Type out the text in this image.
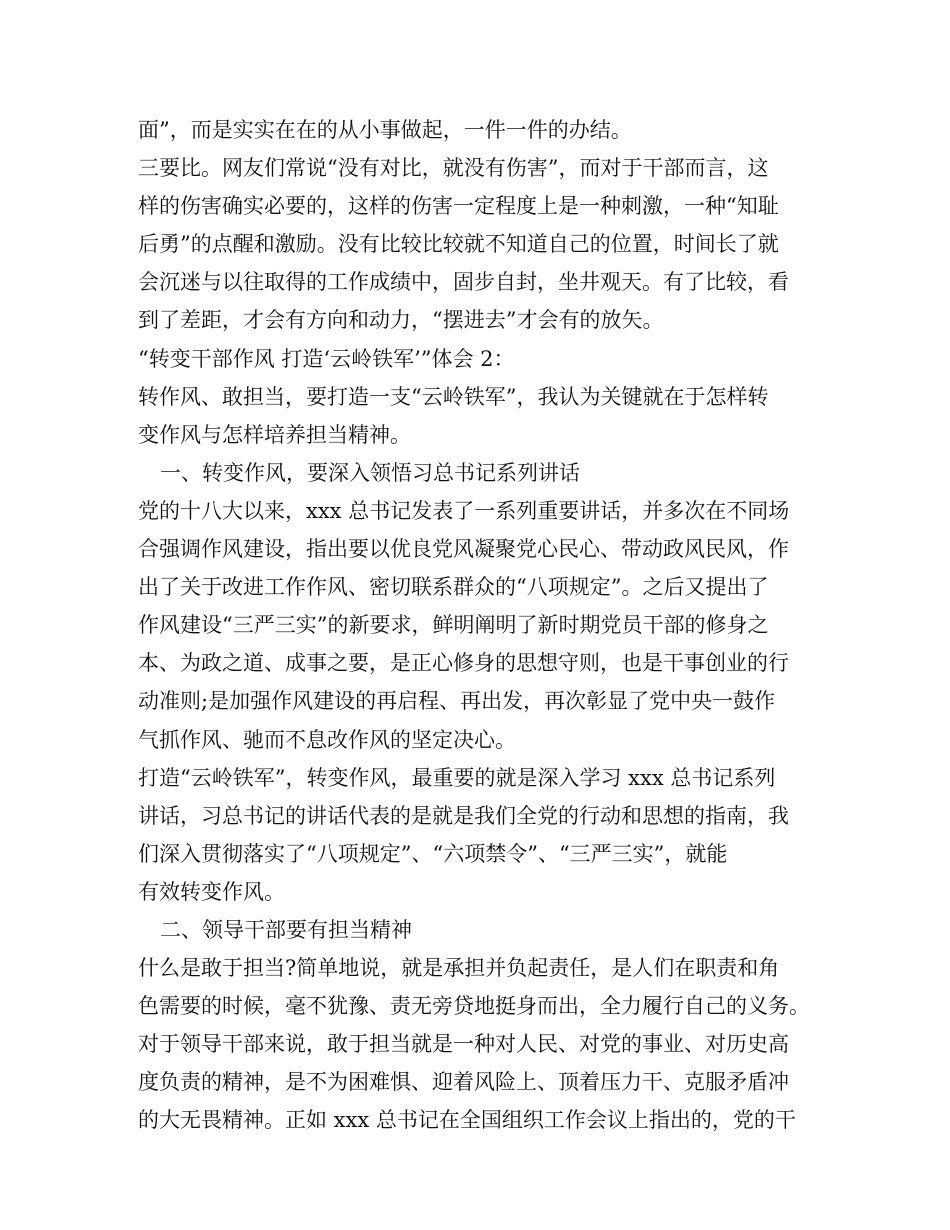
面”，而是实实在在的从小事做起，一件一件的办结。
三要比。网友们常说“没有对比，就没有伤害”，而对于干部而言，这
样的伤害确实必要的，这样的伤害一定程度上是一种刺激，一种“知耻
后勇”的点醒和激励。没有比较比较就不知道自己的位置，时间长了就
会沉迷与以往取得的工作成绩中，固步自封，坐井观天。有了比较，看
到了差距，才会有方向和动力，“摆进去”才会有的放矢。
“转变干部作风 打造‘云岭铁军’”体会 2：
转作风、敢担当，要打造一支“云岭铁军”，我认为关键就在于怎样转
变作风与怎样培养担当精神。
一、转变作风，要深入领悟习总书记系列讲话
党的十八大以来，xxx 总书记发表了一系列重要讲话，并多次在不同场
合强调作风建设，指出要以优良党风凝聚党心民心、带动政风民风，作
出了关于改进工作作风、密切联系群众的“八项规定”。之后又提出了
作风建设“三严三实”的新要求，鲜明阐明了新时期党员干部的修身之
本、为政之道、成事之要，是正心修身的思想守则，也是干事创业的行
动准则;是加强作风建设的再启程、再出发，再次彰显了党中央一鼓作
气抓作风、驰而不息改作风的坚定决心。
打造“云岭铁军”，转变作风，最重要的就是深入学习 xxx 总书记系列
讲话，习总书记的讲话代表的是就是我们全党的行动和思想的指南，我
们深入贯彻落实了“八项规定”、“六项禁令”、“三严三实”，就能
有效转变作风。
二、领导干部要有担当精神
什么是敢于担当?简单地说，就是承担并负起责任，是人们在职责和角
色需要的时候，毫不犹豫、责无旁贷地挺身而出，全力履行自己的义务。
对于领导干部来说，敢于担当就是一种对人民、对党的事业、对历史高
度负责的精神，是不为困难惧、迎着风险上、顶着压力干、克服矛盾冲
的大无畏精神。正如 xxx 总书记在全国组织工作会议上指出的，党的干
